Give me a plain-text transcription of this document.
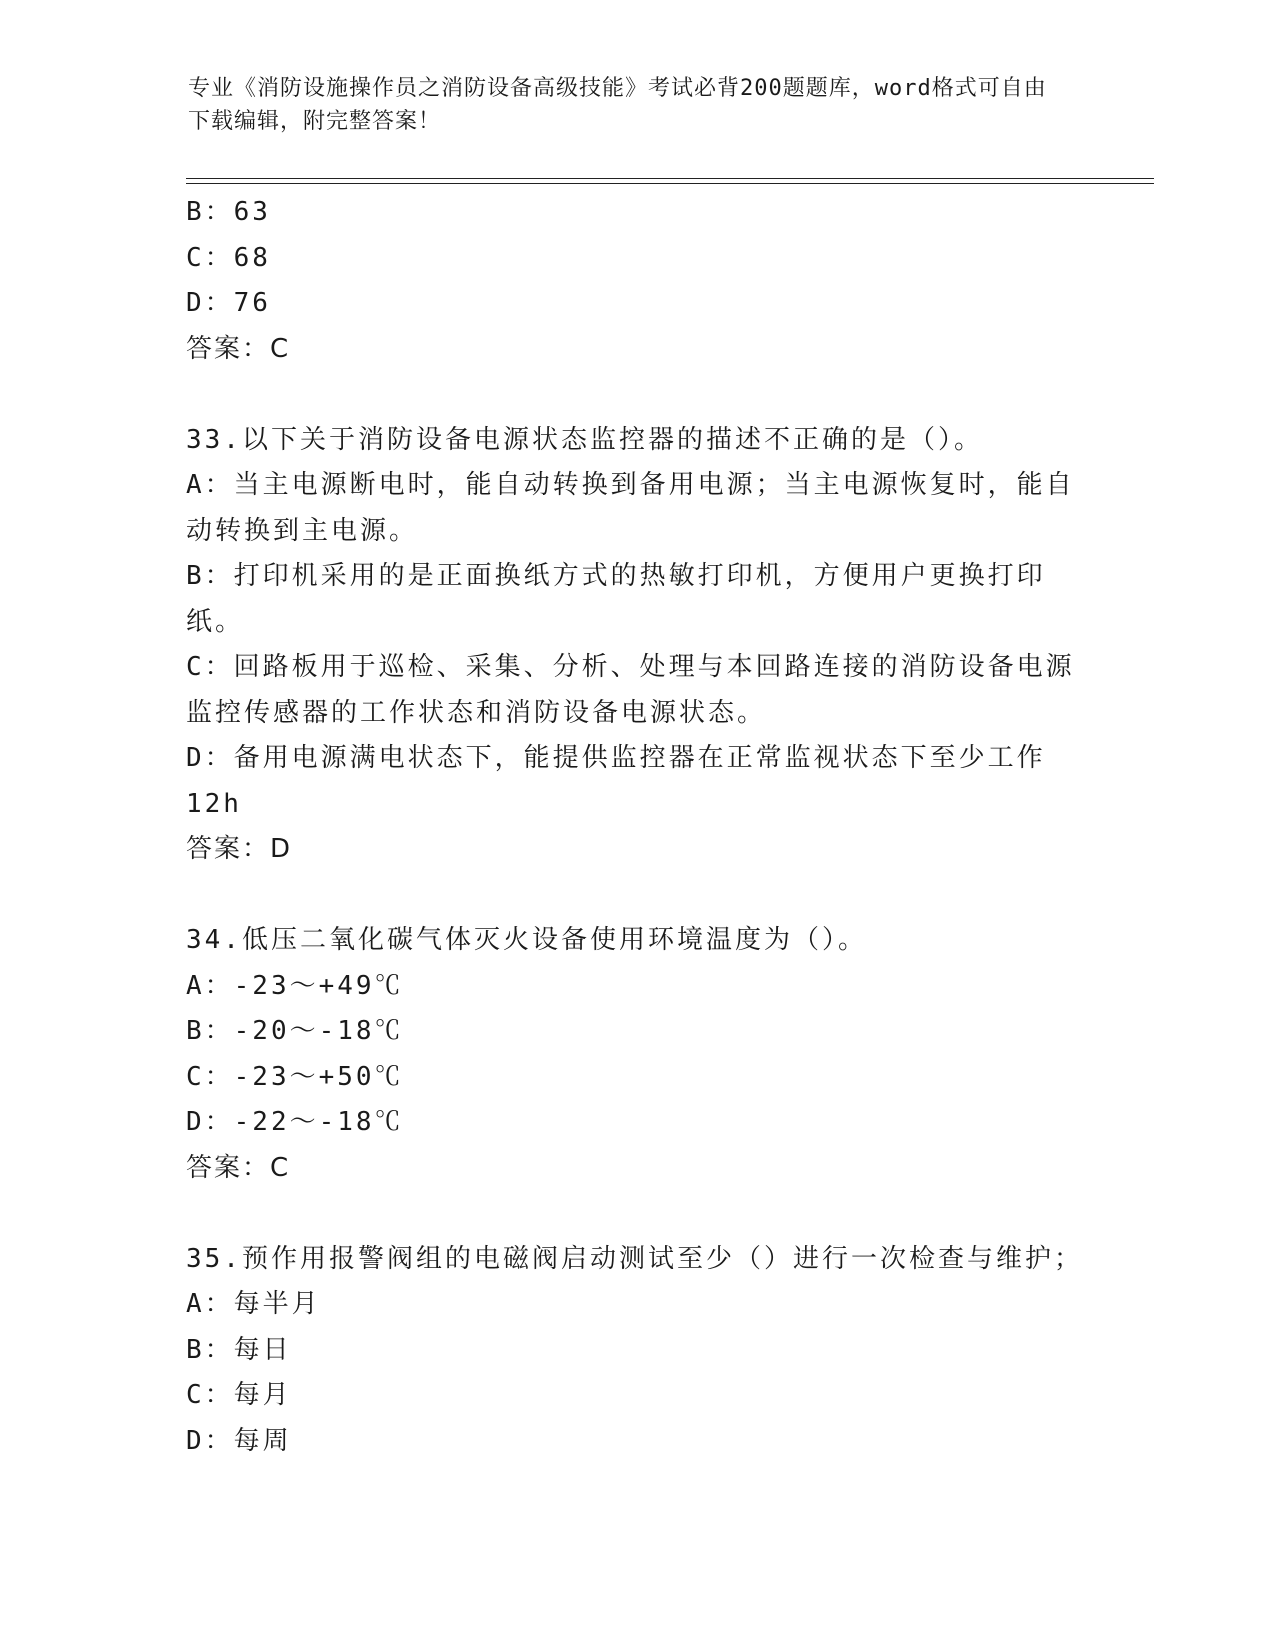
专业《消防设施操作员之消防设备高级技能》考试必背200题题库，word格式可自由下载编辑，附完整答案！
B：63
C：68
D：76
答案：C
33.以下关于消防设备电源状态监控器的描述不正确的是（）。
A：当主电源断电时，能自动转换到备用电源；当主电源恢复时，能自动转换到主电源。
B：打印机采用的是正面换纸方式的热敏打印机，方便用户更换打印纸。
C：回路板用于巡检、采集、分析、处理与本回路连接的消防设备电源监控传感器的工作状态和消防设备电源状态。
D：备用电源满电状态下，能提供监控器在正常监视状态下至少工作12h
答案：D
34.低压二氧化碳气体灭火设备使用环境温度为（）。
A：-23～+49℃
B：-20～-18℃
C：-23～+50℃
D：-22～-18℃
答案：C
35.预作用报警阀组的电磁阀启动测试至少（）进行一次检查与维护；
A：每半月
B：每日
C：每月
D：每周
